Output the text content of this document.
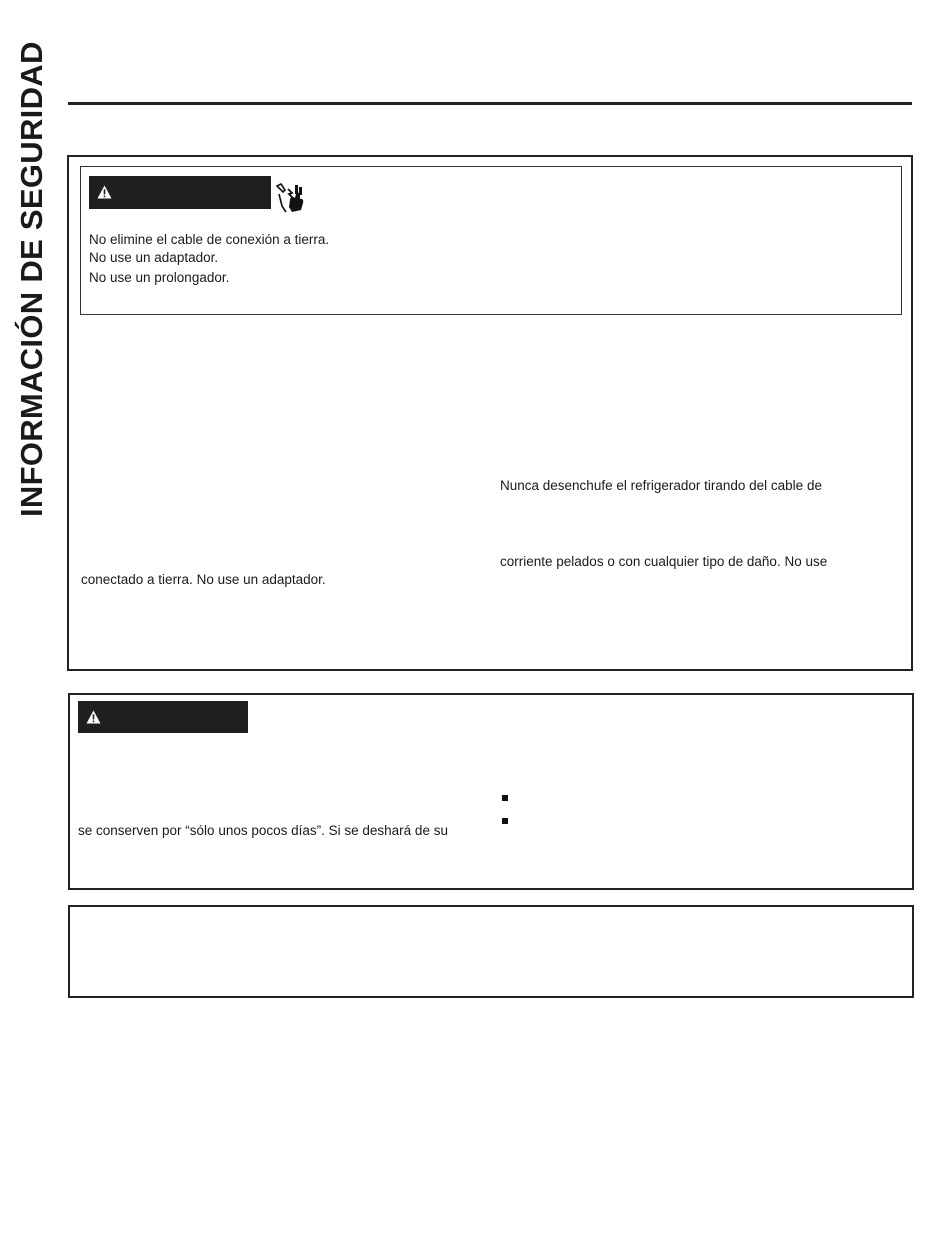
INFORMACIÓN DE SEGURIDAD	No elimine el cable de conexión a tierra.
No use un adaptador.
No use un prolongador.
Nunca desenchufe el refrigerador tirando del cable de
corriente pelados o con cualquier tipo de daño. No use
conectado a tierra. No use un adaptador.
se conserven por “sólo unos pocos días”. Si se deshará de su
